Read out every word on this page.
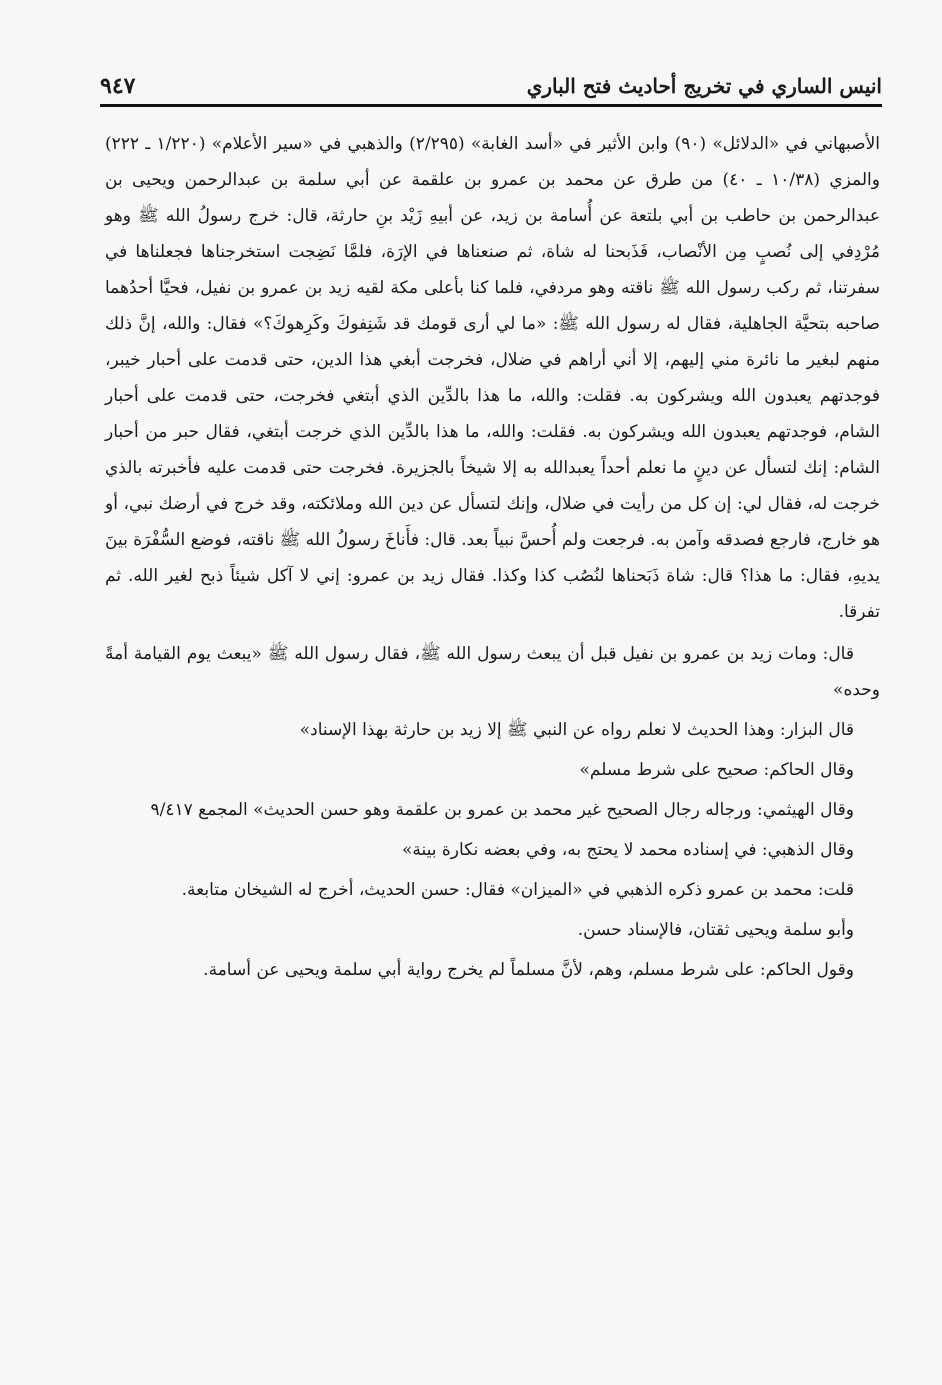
انيس الساري في تخريج أحاديث فتح الباري
٩٤٧

الأصبهاني في «الدلائل» (٩٠) وابن الأثير في «أسد الغابة» (٢/٢٩٥) والذهبي في «سير الأعلام» (١/٢٢٠ ـ ٢٢٢) والمزي (١٠/٣٨ ـ ٤٠) من طرق عن محمد بن عمرو بن علقمة عن أبي سلمة بن عبدالرحمن ويحيى بن عبدالرحمن بن حاطب بن أبي بلتعة عن أُسامة بن زيد، عن أبيهِ زَيْد بنِ حارثة، قال: خرج رسولُ الله ﷺ وهو مُرْدِفي إلى نُصبٍ مِن الأنْصاب، فَذَبحنا له شاة، ثم صنعناها في الإرَة، فلمَّا نَضِجت استخرجناها فجعلناها في سفرتنا، ثم ركب رسول الله ﷺ ناقته وهو مردفي، فلما كنا بأعلى مكة لقيه زيد بن عمرو بن نفيل، فحيَّا أحدُهما صاحبه بتحيَّة الجاهلية، فقال له رسول الله ﷺ: «ما لي أرى قومك قد شَنِفوكَ وكَرِهوكَ؟» فقال: والله، إنَّ ذلك منهم لبغير ما نائرة مني إليهم، إلا أني أراهم في ضلال، فخرجت أبغي هذا الدين، حتى قدمت على أحبار خيبر، فوجدتهم يعبدون الله ويشركون به. فقلت: والله، ما هذا بالدِّين الذي أبتغي فخرجت، حتى قدمت على أحبار الشام، فوجدتهم يعبدون الله ويشركون به. فقلت: والله، ما هذا بالدِّين الذي خرجت أبتغي، فقال حبر من أحبار الشام: إنك لتسأل عن دينٍ ما نعلم أحداً يعبدالله به إلا شيخاً بالجزيرة. فخرجت حتى قدمت عليه فأخبرته بالذي خرجت له، فقال لي: إن كل من رأيت في ضلال، وإنك لتسأل عن دين الله وملائكته، وقد خرج في أرضك نبي، أو هو خارج، فارجع فصدقه وآمن به. فرجعت ولم أُحسَّ نبياً بعد. قال: فأَناخَ رسولُ الله ﷺ ناقته، فوضع السُّفْرَة بينَ يديهِ، فقال: ما هذا؟ قال: شاة ذَبَحناها لنُصُب كذا وكذا. فقال زيد بن عمرو: إني لا آكل شيئاً ذبح لغير الله. ثم تفرقا.

قال: ومات زيد بن عمرو بن نفيل قبل أن يبعث رسول الله ﷺ، فقال رسول الله ﷺ «يبعث يوم القيامة أمةً وحده»

قال البزار: وهذا الحديث لا نعلم رواه عن النبي ﷺ إلا زيد بن حارثة بهذا الإسناد»

وقال الحاكم: صحيح على شرط مسلم»

وقال الهيثمي: ورجاله رجال الصحيح غير محمد بن عمرو بن علقمة وهو حسن الحديث» المجمع ٩/٤١٧

وقال الذهبي: في إسناده محمد لا يحتج به، وفي بعضه نكارة بينة»

قلت: محمد بن عمرو ذكره الذهبي في «الميزان» فقال: حسن الحديث، أخرج له الشيخان متابعة.

وأبو سلمة ويحيى ثقتان، فالإسناد حسن.

وقول الحاكم: على شرط مسلم، وهم، لأنَّ مسلماً لم يخرج رواية أبي سلمة ويحيى عن أسامة.
